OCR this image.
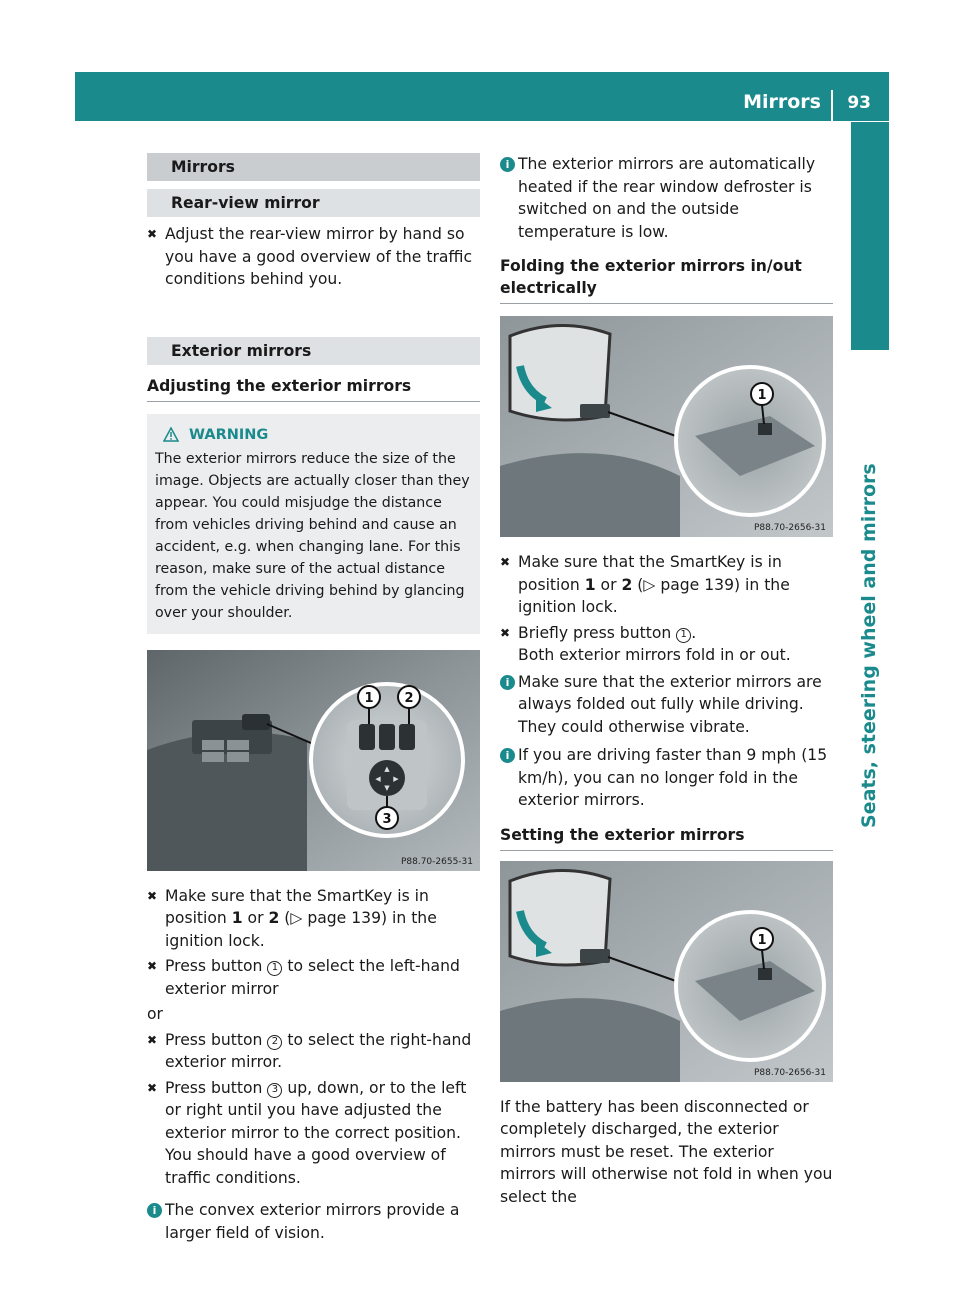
Mirrors 93
Seats, steering wheel and mirrors
Mirrors
Rear-view mirror
✖ Adjust the rear-view mirror by hand so you have a good overview of the traffic conditions behind you.
Exterior mirrors
Adjusting the exterior mirrors
WARNING
The exterior mirrors reduce the size of the image. Objects are actually closer than they appear. You could misjudge the distance from vehicles driving behind and cause an accident, e.g. when changing lane. For this reason, make sure of the actual distance from the vehicle driving behind by glancing over your shoulder.
▲
▼
◀ ▶
1 2
3
P88.70-2655-31
✖ Make sure that the SmartKey is in position 1 or 2 (▷ page 139) in the ignition lock.
✖ Press button 1 to select the left-hand exterior mirror
or
✖ Press button 2 to select the right-hand exterior mirror.
✖ Press button 3 up, down, or to the left or right until you have adjusted the exterior mirror to the correct position. You should have a good overview of traffic conditions.
i The convex exterior mirrors provide a larger field of vision.
i The exterior mirrors are automatically heated if the rear window defroster is switched on and the outside temperature is low.
Folding the exterior mirrors in/out electrically
1
P88.70-2656-31
✖ Make sure that the SmartKey is in position 1 or 2 (▷ page 139) in the ignition lock.
✖ Briefly press button 1 .
Both exterior mirrors fold in or out.
i Make sure that the exterior mirrors are always folded out fully while driving. They could otherwise vibrate.
i If you are driving faster than 9 mph (15 km/h), you can no longer fold in the exterior mirrors.
Setting the exterior mirrors
1
P88.70-2656-31
If the battery has been disconnected or completely discharged, the exterior mirrors must be reset. The exterior mirrors will otherwise not fold in when you select the
